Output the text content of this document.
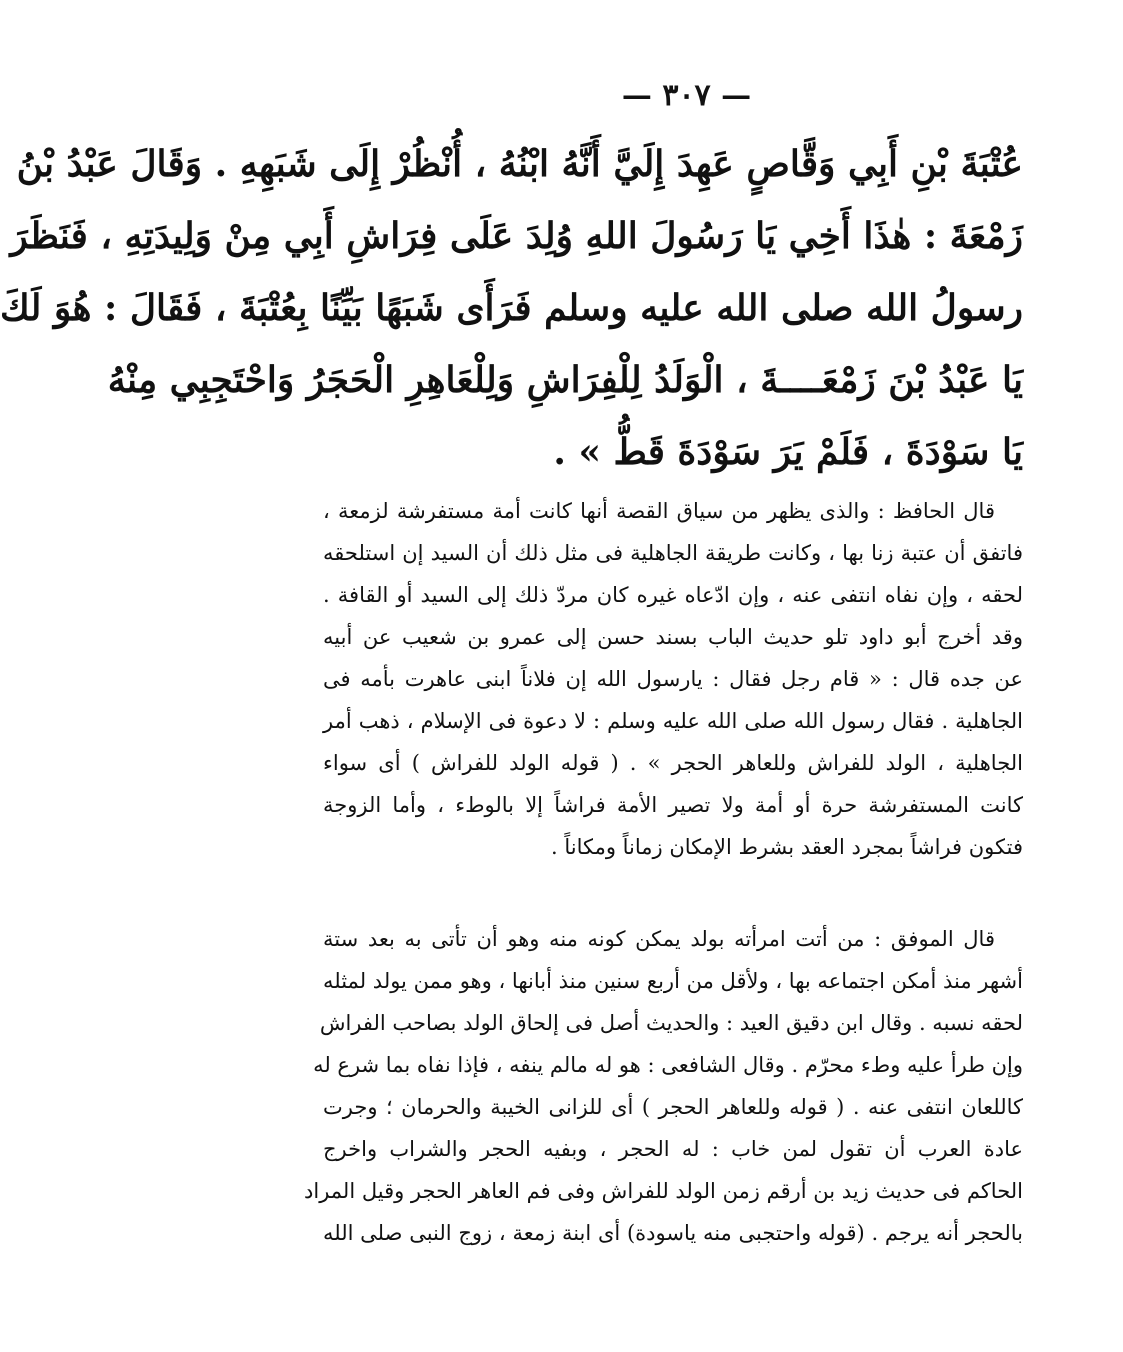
— ٣٠٧ —
عُتْبَةَ بْنِ أَبِي وَقَّاصٍ عَهِدَ إِلَيَّ أَنَّهُ ابْنُهُ ، أُنْظُرْ إِلَى شَبَهِهِ . وَقَالَ عَبْدُ بْنُ
زَمْعَةَ : هٰذَا أَخِي يَا رَسُولَ اللهِ وُلِدَ عَلَى فِرَاشِ أَبِي مِنْ وَلِيدَتِهِ ، فَنَظَرَ
رسولُ الله صلى الله عليه وسلم فَرَأَى شَبَهًا بَيِّنًا بِعُتْبَةَ ، فَقَالَ : هُوَ لَكَ
يَا عَبْدُ بْنَ زَمْعَــــةَ ، الْوَلَدُ لِلْفِرَاشِ وَلِلْعَاهِرِ الْحَجَرُ وَاحْتَجِبِي مِنْهُ
يَا سَوْدَةَ ، فَلَمْ يَرَ سَوْدَةَ قَطُّ » .
قال الحافظ : والذى يظهر من سياق القصة أنها كانت أمة مستفرشة لزمعة ،
فاتفق أن عتبة زنا بها ، وكانت طريقة الجاهلية فى مثل ذلك أن السيد إن استلحقه
لحقه ، وإن نفاه انتفى عنه ، وإن ادّعاه غيره كان مردّ ذلك إلى السيد أو القافة .
وقد أخرج أبو داود تلو حديث الباب بسند حسن إلى عمرو بن شعيب عن أبيه
عن جده قال : « قام رجل فقال : يارسول الله إن فلاناً ابنى عاهرت بأمه فى
الجاهلية . فقال رسول الله صلى الله عليه وسلم : لا دعوة فى الإسلام ، ذهب أمر
الجاهلية ، الولد للفراش وللعاهر الحجر » . ( قوله الولد للفراش ) أى سواء
كانت المستفرشة حرة أو أمة ولا تصير الأمة فراشاً إلا بالوطء ، وأما الزوجة
فتكون فراشاً بمجرد العقد بشرط الإمكان زماناً ومكاناً .
قال الموفق : من أتت امرأته بولد يمكن كونه منه وهو أن تأتى به بعد ستة
أشهر منذ أمكن اجتماعه بها ، ولأقل من أربع سنين منذ أبانها ، وهو ممن يولد لمثله
لحقه نسبه . وقال ابن دقيق العيد : والحديث أصل فى إلحاق الولد بصاحب الفراش
وإن طرأ عليه وطء محرّم . وقال الشافعى : هو له مالم ينفه ، فإذا نفاه بما شرع له
كاللعان انتفى عنه . ( قوله وللعاهر الحجر ) أى للزانى الخيبة والحرمان ؛ وجرت
عادة العرب أن تقول لمن خاب : له الحجر ، وبفيه الحجر والشراب واخرج
الحاكم فى حديث زيد بن أرقم زمن الولد للفراش وفى فم العاهر الحجر وقيل المراد
بالحجر أنه يرجم . (قوله واحتجبى منه ياسودة) أى ابنة زمعة ، زوج النبى صلى الله
